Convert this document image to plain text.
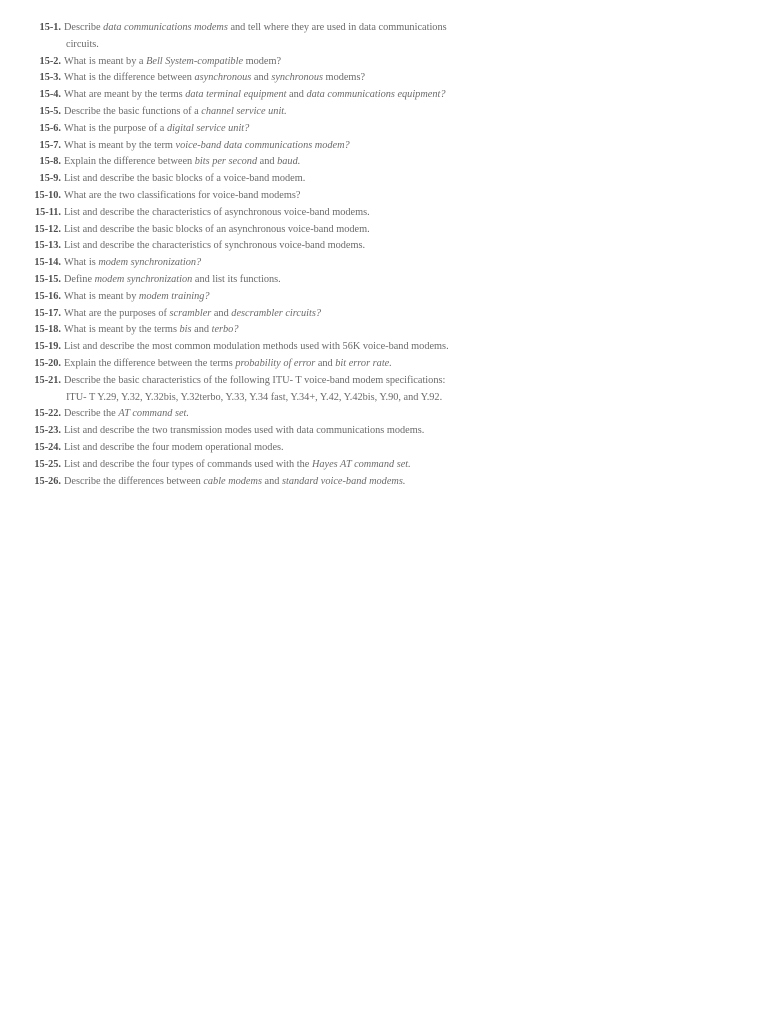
15-1. Describe data communications modems and tell where they are used in data communications
circuits.
15-2. What is meant by a Bell System-compatible modem?
15-3. What is the difference between asynchronous and synchronous modems?
15-4. What are meant by the terms data terminal equipment and data communications equipment?
15-5. Describe the basic functions of a channel service unit.
15-6. What is the purpose of a digital service unit?
15-7. What is meant by the term voice-band data communications modem?
15-8. Explain the difference between bits per second and baud.
15-9. List and describe the basic blocks of a voice-band modem.
15-10. What are the two classifications for voice-band modems?
15-11. List and describe the characteristics of asynchronous voice-band modems.
15-12. List and describe the basic blocks of an asynchronous voice-band modem.
15-13. List and describe the characteristics of synchronous voice-band modems.
15-14. What is modem synchronization?
15-15. Define modem synchronization and list its functions.
15-16. What is meant by modem training?
15-17. What are the purposes of scrambler and descrambler circuits?
15-18. What is meant by the terms bis and terbo?
15-19. List and describe the most common modulation methods used with 56K voice-band modems.
15-20. Explain the difference between the terms probability of error and bit error rate.
15-21. Describe the basic characteristics of the following ITU- T voice-band modem specifications:
ITU- T Y.29, Y.32, Y.32bis, Y.32terbo, Y.33, Y.34 fast, Y.34+, Y.42, Y.42bis, Y.90, and Y.92.
15-22. Describe the AT command set.
15-23. List and describe the two transmission modes used with data communications modems.
15-24. List and describe the four modem operational modes.
15-25. List and describe the four types of commands used with the Hayes AT command set.
15-26. Describe the differences between cable modems and standard voice-band modems.
